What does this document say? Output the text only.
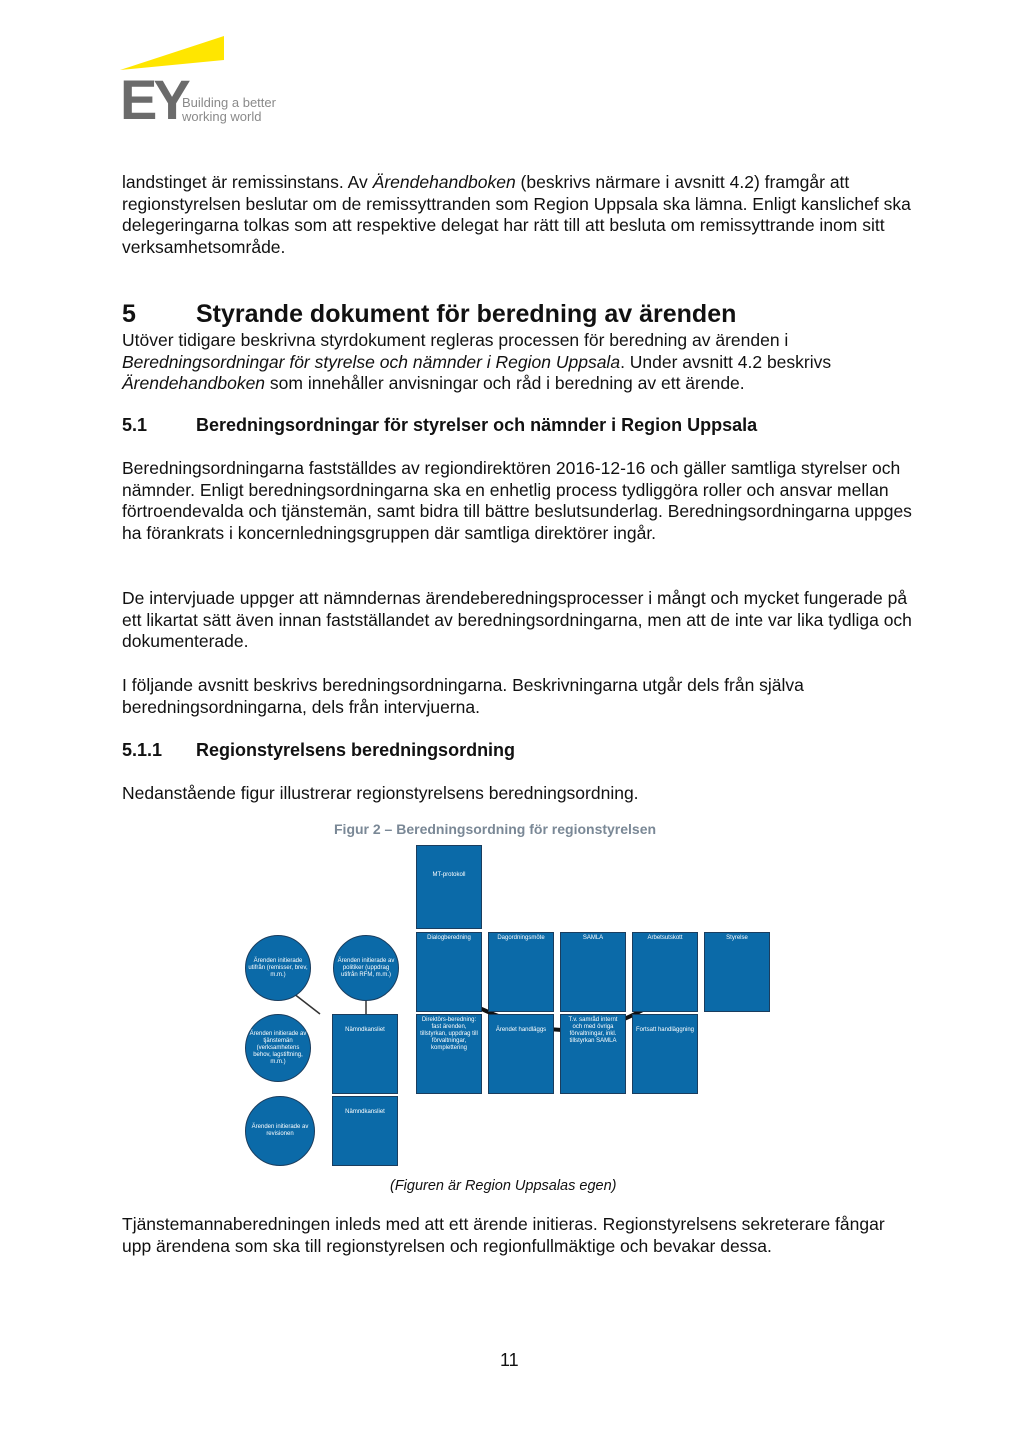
EY
Building a better
working world

landstinget är remissinstans. Av Ärendehandboken (beskrivs närmare i avsnitt 4.2) framgår att regionstyrelsen beslutar om de remissyttranden som Region Uppsala ska lämna. Enligt kanslichef ska delegeringarna tolkas som att respektive delegat har rätt till att besluta om remissyttrande inom sitt verksamhetsområde.

5 Styrande dokument för beredning av ärenden

Utöver tidigare beskrivna styrdokument regleras processen för beredning av ärenden i Beredningsordningar för styrelse och nämnder i Region Uppsala. Under avsnitt 4.2 beskrivs Ärendehandboken som innehåller anvisningar och råd i beredning av ett ärende.

5.1	Beredningsordningar för styrelser och nämnder i Region Uppsala

Beredningsordningarna fastställdes av regiondirektören 2016-12-16 och gäller samtliga styrelser och nämnder. Enligt beredningsordningarna ska en enhetlig process tydliggöra roller och ansvar mellan förtroendevalda och tjänstemän, samt bidra till bättre beslutsunderlag. Beredningsordningarna uppges ha förankrats i koncernledningsgruppen där samtliga direktörer ingår.

De intervjuade uppger att nämndernas ärendeberedningsprocesser i mångt och mycket fungerade på ett likartat sätt även innan fastställandet av beredningsordningarna, men att de inte var lika tydliga och dokumenterade.

I följande avsnitt beskrivs beredningsordningarna. Beskrivningarna utgår dels från själva beredningsordningarna, dels från intervjuerna.

5.1.1 Regionstyrelsens beredningsordning

Nedanstående figur illustrerar regionstyrelsens beredningsordning.

Figur 2 – Beredningsordning för regionstyrelsen
MT-protokoll
Ärenden initierade utifrån (remisser, brev, m.m.)
Ärenden initierade av politiker (uppdrag utifrån RFM, m.m.)
Ärenden initierade av tjänstemän (verksamhetens behov, lagstiftning, m.m.)
Ärenden initierade av revisionen
Dialogberedning	Dagordningsmöte	SAMLA	Arbetsutskott	Styrelse
Nämndkansliet
Direktörs-beredning: fast ärenden, tillstyrkan, uppdrag till förvaltningar, komplettering
Ärendet handläggs
T.v. samråd internt och med övriga förvaltningar, inkl. tillstyrkan SAMLA
Fortsatt handläggning
Nämndkansliet
(Figuren är Region Uppsalas egen)

Tjänstemannaberedningen inleds med att ett ärende initieras. Regionstyrelsens sekreterare fångar upp ärendena som ska till regionstyrelsen och regionfullmäktige och bevakar dessa.

11
